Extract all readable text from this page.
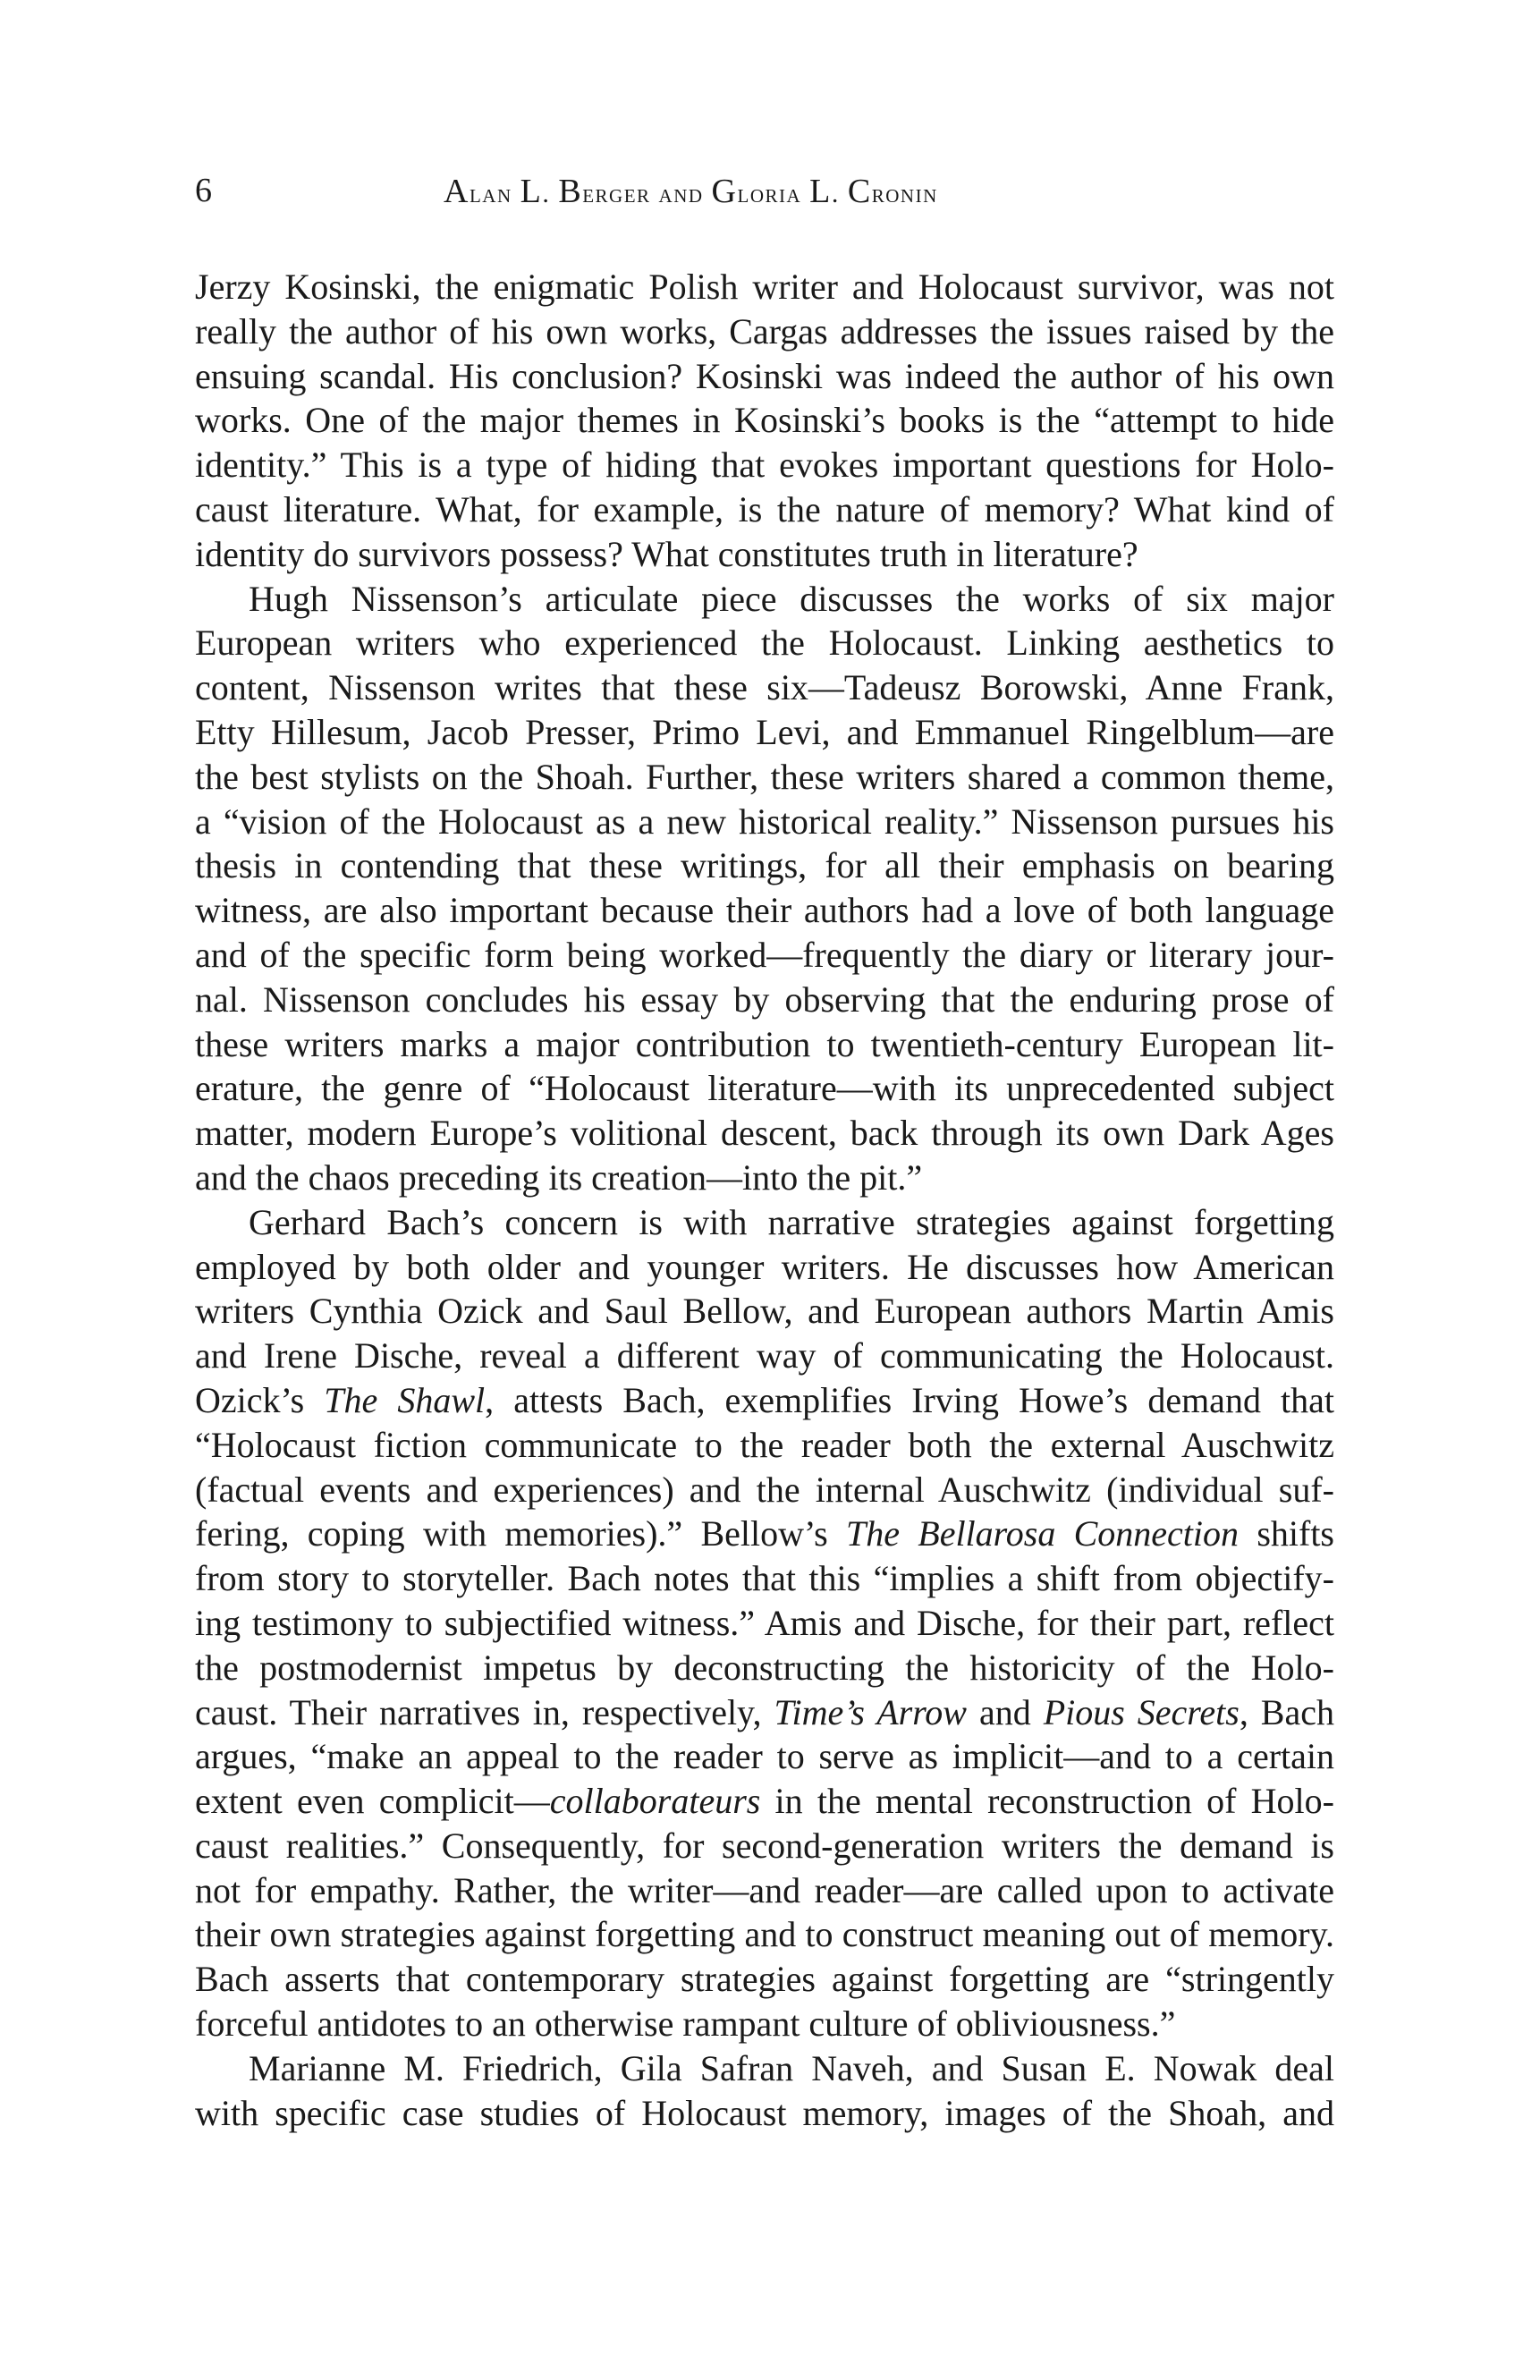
6	Alan L. Berger and Gloria L. Cronin
Jerzy Kosinski, the enigmatic Polish writer and Holocaust survivor, was not
really the author of his own works, Cargas addresses the issues raised by the
ensuing scandal. His conclusion? Kosinski was indeed the author of his own
works. One of the major themes in Kosinski’s books is the “attempt to hide
identity.” This is a type of hiding that evokes important questions for Holo-
caust literature. What, for example, is the nature of memory? What kind of
identity do survivors possess? What constitutes truth in literature?
Hugh Nissenson’s articulate piece discusses the works of six major
European writers who experienced the Holocaust. Linking aesthetics to
content, Nissenson writes that these six—Tadeusz Borowski, Anne Frank,
Etty Hillesum, Jacob Presser, Primo Levi, and Emmanuel Ringelblum—are
the best stylists on the Shoah. Further, these writers shared a common theme,
a “vision of the Holocaust as a new historical reality.” Nissenson pursues his
thesis in contending that these writings, for all their emphasis on bearing
witness, are also important because their authors had a love of both language
and of the specific form being worked—frequently the diary or literary jour-
nal. Nissenson concludes his essay by observing that the enduring prose of
these writers marks a major contribution to twentieth-century European lit-
erature, the genre of “Holocaust literature—with its unprecedented subject
matter, modern Europe’s volitional descent, back through its own Dark Ages
and the chaos preceding its creation—into the pit.”
Gerhard Bach’s concern is with narrative strategies against forgetting
employed by both older and younger writers. He discusses how American
writers Cynthia Ozick and Saul Bellow, and European authors Martin Amis
and Irene Dische, reveal a different way of communicating the Holocaust.
Ozick’s The Shawl, attests Bach, exemplifies Irving Howe’s demand that
“Holocaust fiction communicate to the reader both the external Auschwitz
(factual events and experiences) and the internal Auschwitz (individual suf-
fering, coping with memories).” Bellow’s The Bellarosa Connection shifts
from story to storyteller. Bach notes that this “implies a shift from objectify-
ing testimony to subjectified witness.” Amis and Dische, for their part, reflect
the postmodernist impetus by deconstructing the historicity of the Holo-
caust. Their narratives in, respectively, Time’s Arrow and Pious Secrets, Bach
argues, “make an appeal to the reader to serve as implicit—and to a certain
extent even complicit—collaborateurs in the mental reconstruction of Holo-
caust realities.” Consequently, for second-generation writers the demand is
not for empathy. Rather, the writer—and reader—are called upon to activate
their own strategies against forgetting and to construct meaning out of memory.
Bach asserts that contemporary strategies against forgetting are “stringently
forceful antidotes to an otherwise rampant culture of obliviousness.”
Marianne M. Friedrich, Gila Safran Naveh, and Susan E. Nowak deal
with specific case studies of Holocaust memory, images of the Shoah, and
